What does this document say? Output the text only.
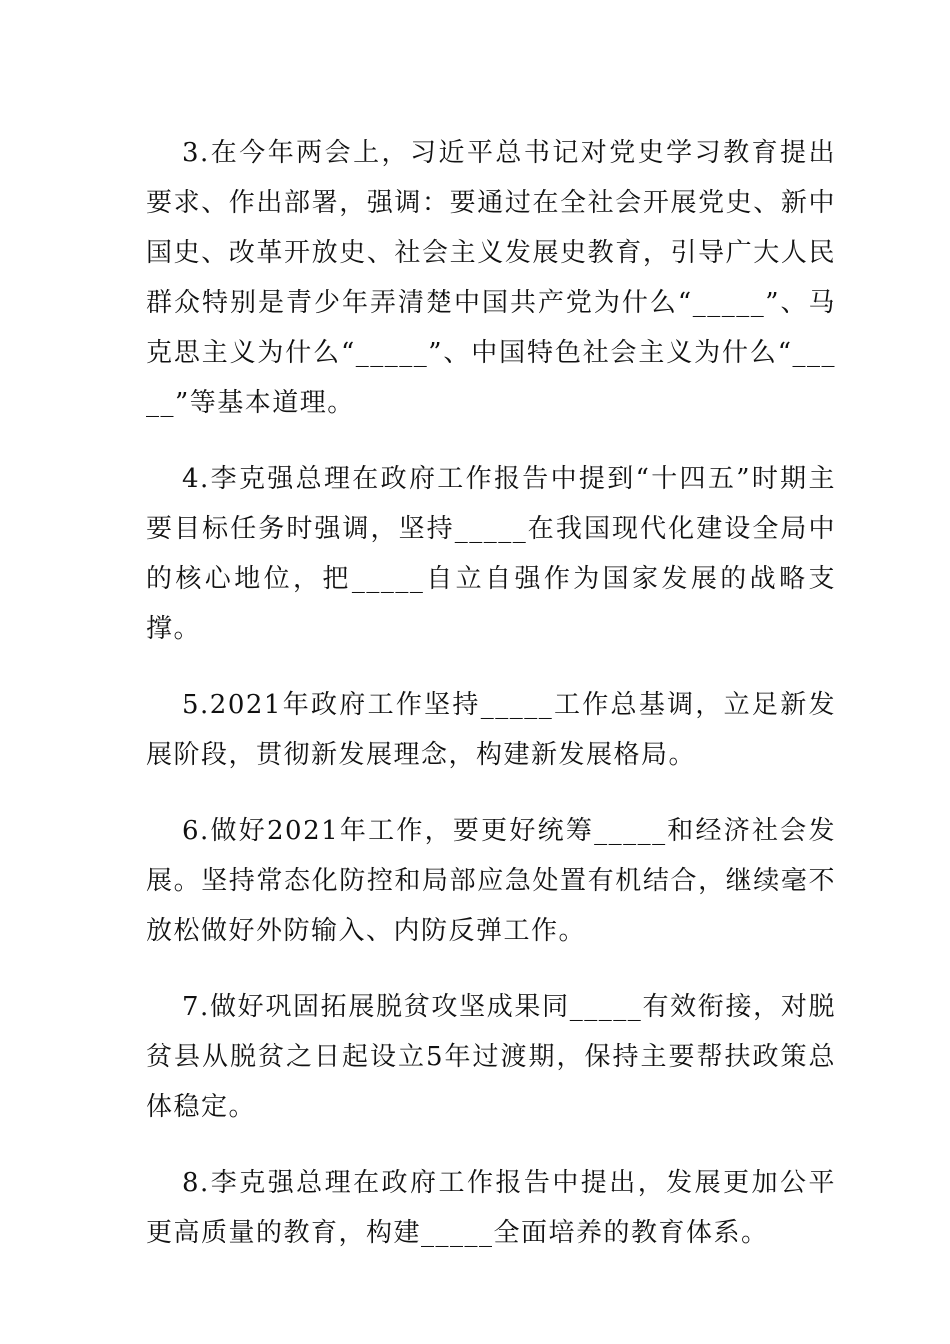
3.在今年两会上，习近平总书记对党史学习教育提出要求、作出部署，强调：要通过在全社会开展党史、新中国史、改革开放史、社会主义发展史教育，引导广大人民群众特别是青少年弄清楚中国共产党为什么“_____”、马克思主义为什么“_____”、中国特色社会主义为什么“_____”等基本道理。

4.李克强总理在政府工作报告中提到“十四五”时期主要目标任务时强调，坚持_____在我国现代化建设全局中的核心地位，把_____自立自强作为国家发展的战略支撑。

5.2021年政府工作坚持_____工作总基调，立足新发展阶段，贯彻新发展理念，构建新发展格局。

6.做好2021年工作，要更好统筹_____和经济社会发展。坚持常态化防控和局部应急处置有机结合，继续毫不放松做好外防输入、内防反弹工作。

7.做好巩固拓展脱贫攻坚成果同_____有效衔接，对脱贫县从脱贫之日起设立5年过渡期，保持主要帮扶政策总体稳定。

8.李克强总理在政府工作报告中提出，发展更加公平更高质量的教育，构建_____全面培养的教育体系。
